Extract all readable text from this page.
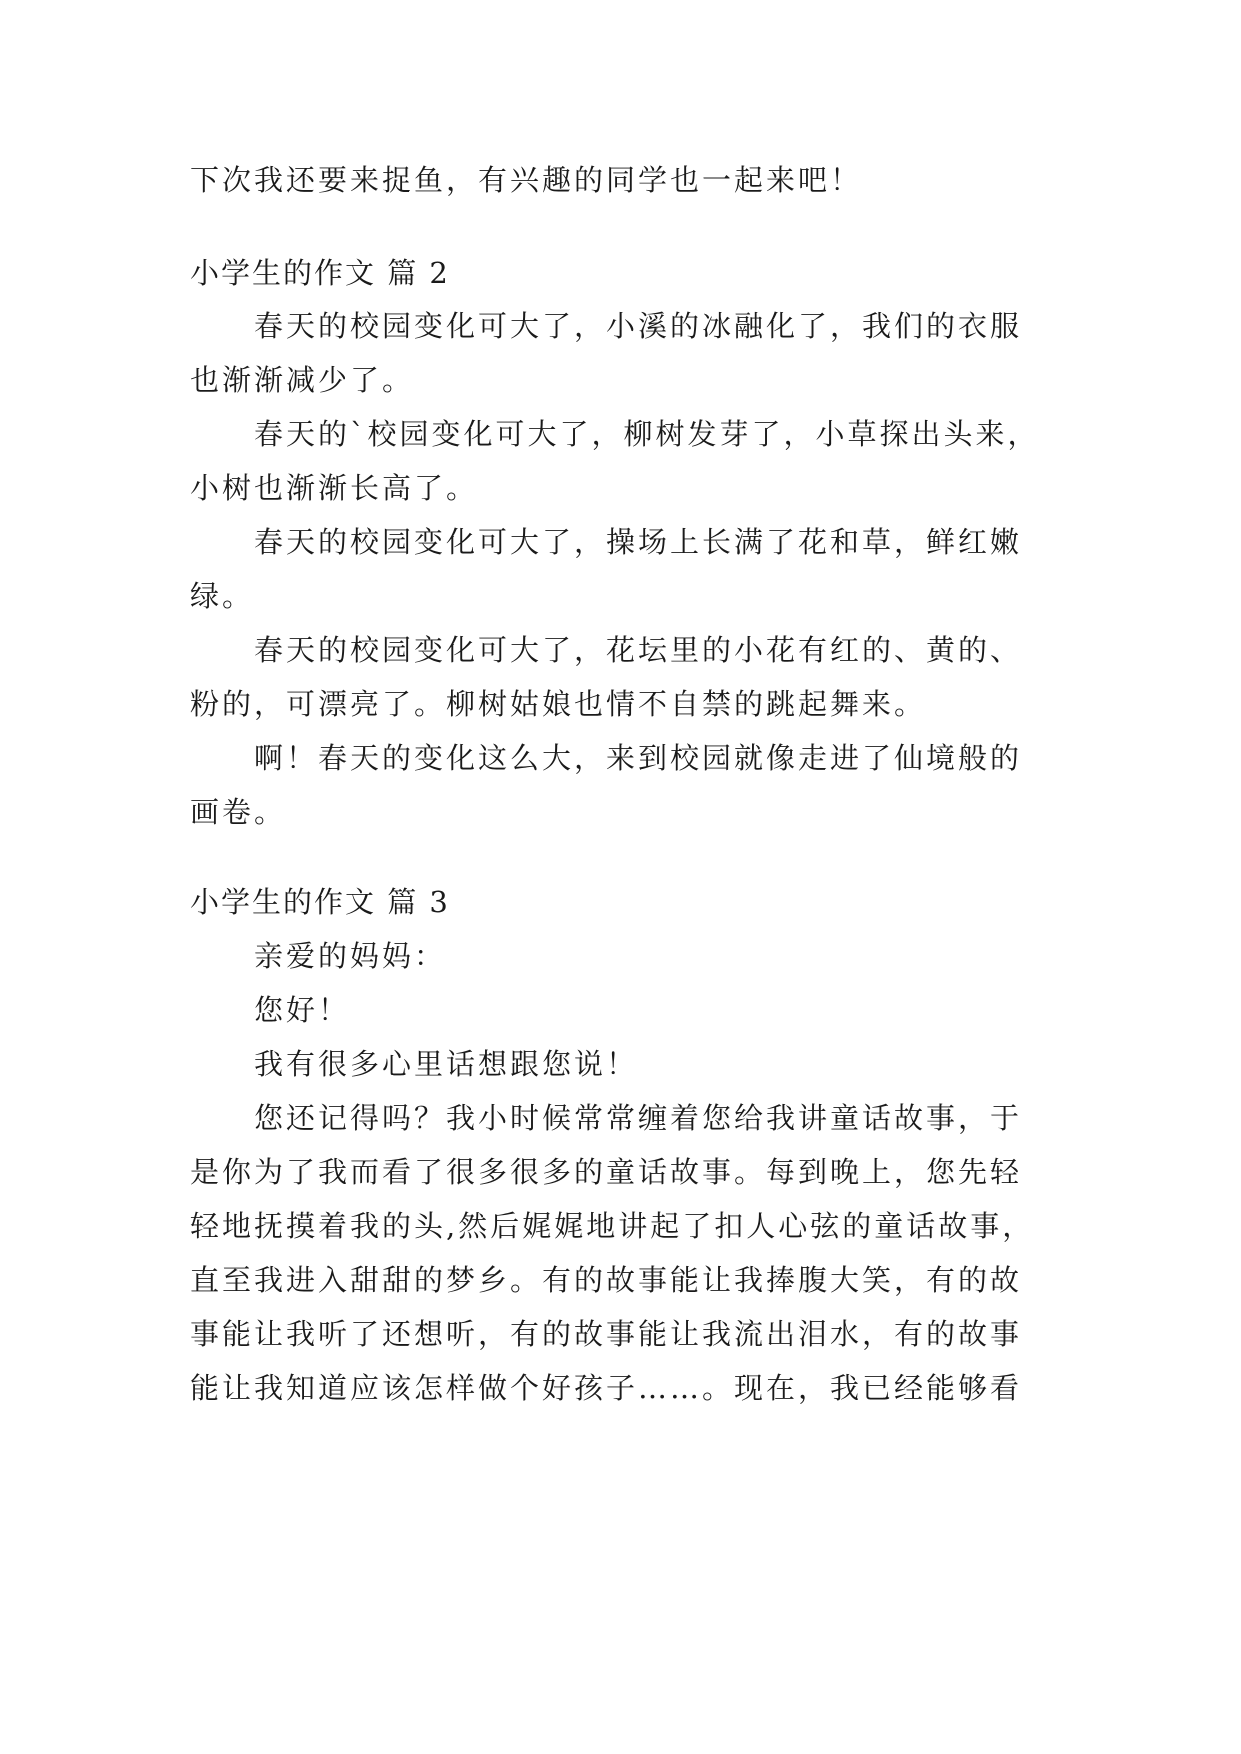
下次我还要来捉鱼，有兴趣的同学也一起来吧！
小学生的作文 篇 2
春天的校园变化可大了，小溪的冰融化了，我们的衣服
也渐渐减少了。
春天的`校园变化可大了，柳树发芽了，小草探出头来，
小树也渐渐长高了。
春天的校园变化可大了，操场上长满了花和草，鲜红嫩
绿。
春天的校园变化可大了，花坛里的小花有红的、黄的、
粉的，可漂亮了。柳树姑娘也情不自禁的跳起舞来。
啊！春天的变化这么大，来到校园就像走进了仙境般的
画卷。
小学生的作文 篇 3
亲爱的妈妈：
您好！
我有很多心里话想跟您说！
您还记得吗？我小时候常常缠着您给我讲童话故事，于
是你为了我而看了很多很多的童话故事。每到晚上，您先轻
轻地抚摸着我的头,然后娓娓地讲起了扣人心弦的童话故事，
直至我进入甜甜的梦乡。有的故事能让我捧腹大笑，有的故
事能让我听了还想听，有的故事能让我流出泪水，有的故事
能让我知道应该怎样做个好孩子……。现在，我已经能够看
